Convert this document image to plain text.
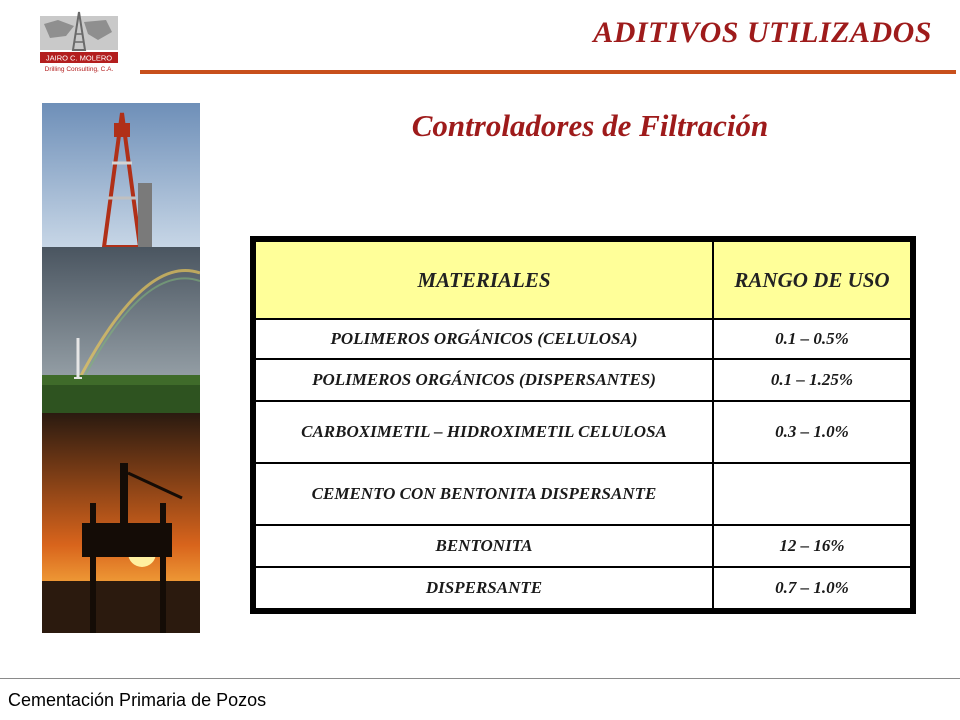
JAIRO C. MOLERO
Drilling Consulting, C.A.
ADITIVOS UTILIZADOS
Controladores de Filtración
MATERIALES	RANGO DE USO
POLIMEROS ORGÁNICOS (CELULOSA)	0.1 – 0.5%
POLIMEROS ORGÁNICOS (DISPERSANTES)	0.1 – 1.25%
CARBOXIMETIL – HIDROXIMETIL CELULOSA	0.3 – 1.0%
CEMENTO CON BENTONITA DISPERSANTE	
BENTONITA	12 – 16%
DISPERSANTE	0.7 – 1.0%
Cementación Primaria de Pozos
